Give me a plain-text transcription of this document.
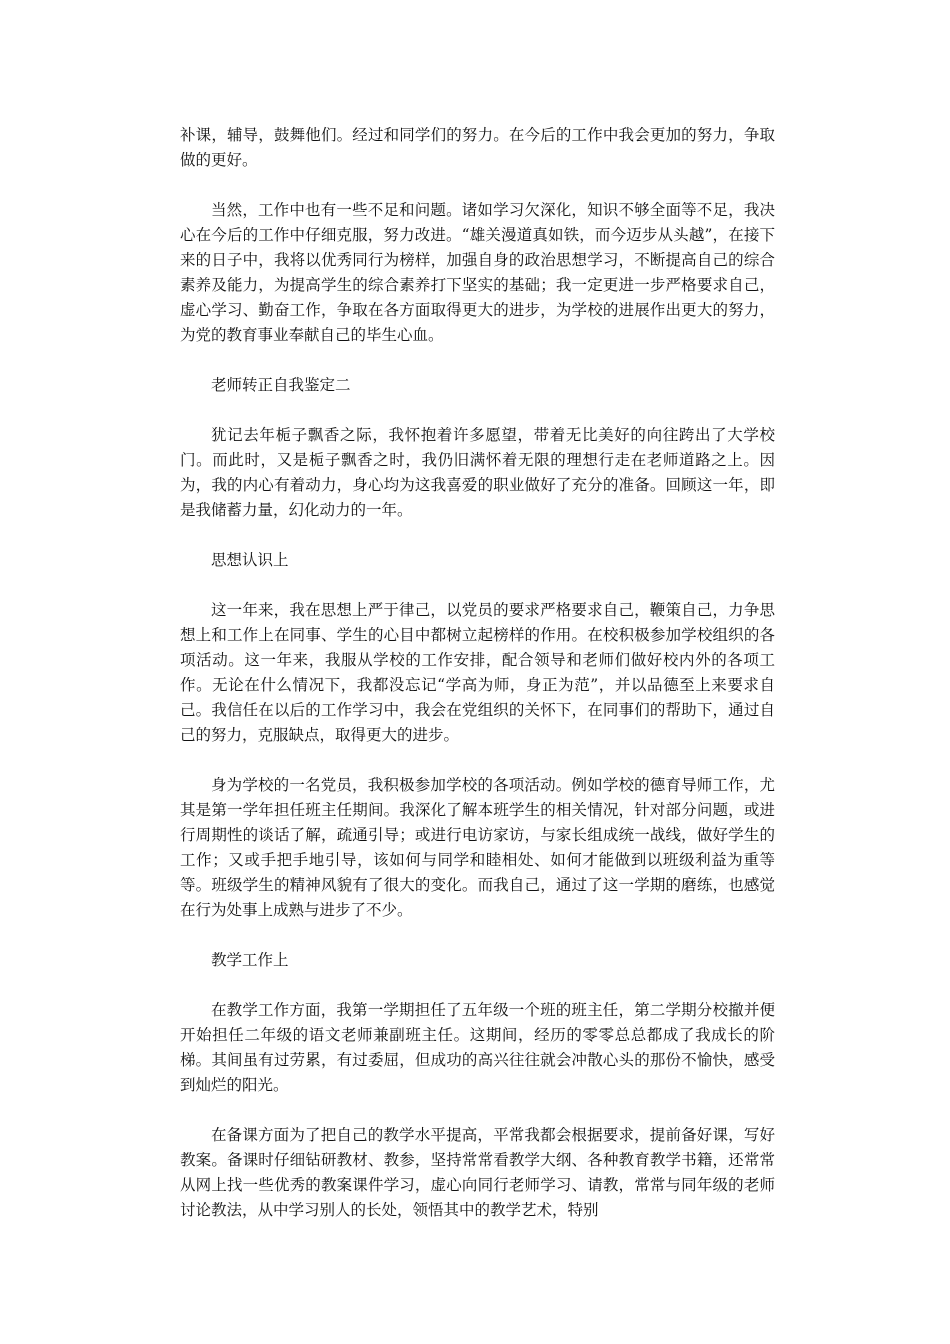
补课，辅导，鼓舞他们。经过和同学们的努力。在今后的工作中我会更加的努力，争取做的更好。

当然，工作中也有一些不足和问题。诸如学习欠深化，知识不够全面等不足，我决心在今后的工作中仔细克服，努力改进。“雄关漫道真如铁，而今迈步从头越”，在接下来的日子中，我将以优秀同行为榜样，加强自身的政治思想学习，不断提高自己的综合素养及能力，为提高学生的综合素养打下坚实的基础；我一定更进一步严格要求自己，虚心学习、勤奋工作，争取在各方面取得更大的进步，为学校的进展作出更大的努力，为党的教育事业奉献自己的毕生心血。

老师转正自我鉴定二

犹记去年栀子飘香之际，我怀抱着许多愿望，带着无比美好的向往跨出了大学校门。而此时，又是栀子飘香之时，我仍旧满怀着无限的理想行走在老师道路之上。因为，我的内心有着动力，身心均为这我喜爱的职业做好了充分的准备。回顾这一年，即是我储蓄力量，幻化动力的一年。

思想认识上

这一年来，我在思想上严于律己，以党员的要求严格要求自己，鞭策自己，力争思想上和工作上在同事、学生的心目中都树立起榜样的作用。在校积极参加学校组织的各项活动。这一年来，我服从学校的工作安排，配合领导和老师们做好校内外的各项工作。无论在什么情况下，我都没忘记“学高为师，身正为范”，并以品德至上来要求自己。我信任在以后的工作学习中，我会在党组织的关怀下，在同事们的帮助下，通过自己的努力，克服缺点，取得更大的进步。

身为学校的一名党员，我积极参加学校的各项活动。例如学校的德育导师工作，尤其是第一学年担任班主任期间。我深化了解本班学生的相关情况，针对部分问题，或进行周期性的谈话了解，疏通引导；或进行电访家访，与家长组成统一战线，做好学生的工作；又或手把手地引导，该如何与同学和睦相处、如何才能做到以班级利益为重等等。班级学生的精神风貌有了很大的变化。而我自己，通过了这一学期的磨练，也感觉在行为处事上成熟与进步了不少。

教学工作上

在教学工作方面，我第一学期担任了五年级一个班的班主任，第二学期分校撤并便开始担任二年级的语文老师兼副班主任。这期间，经历的零零总总都成了我成长的阶梯。其间虽有过劳累，有过委屈，但成功的高兴往往就会冲散心头的那份不愉快，感受到灿烂的阳光。

在备课方面为了把自己的教学水平提高，平常我都会根据要求，提前备好课，写好教案。备课时仔细钻研教材、教参，坚持常常看教学大纲、各种教育教学书籍，还常常从网上找一些优秀的教案课件学习，虚心向同行老师学习、请教，常常与同年级的老师讨论教法，从中学习别人的长处，领悟其中的教学艺术，特别
